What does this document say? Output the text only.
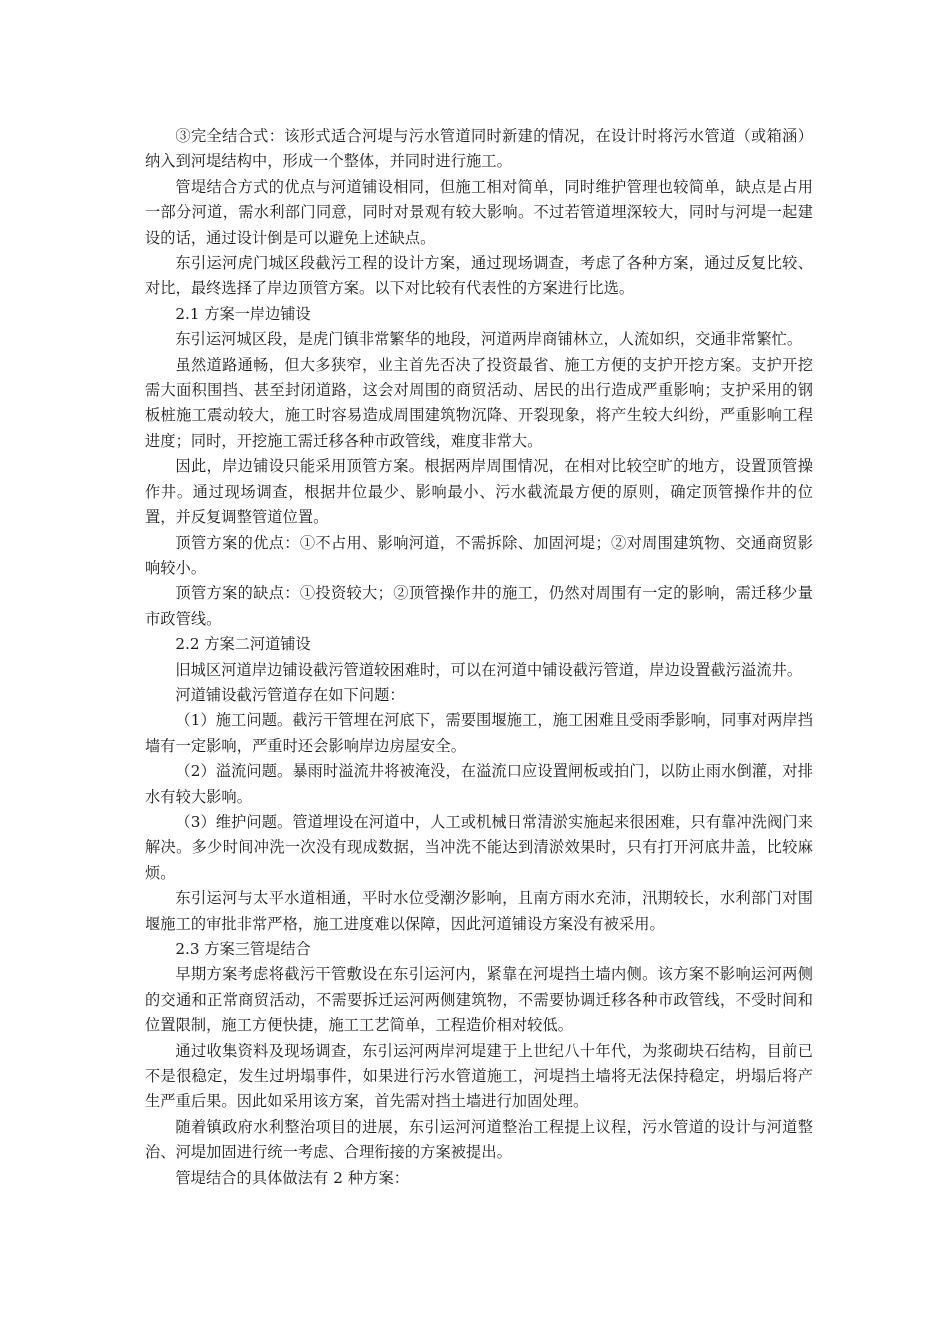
③完全结合式：该形式适合河堤与污水管道同时新建的情况，在设计时将污水管道（或箱涵）纳入到河堤结构中，形成一个整体，并同时进行施工。

管堤结合方式的优点与河道铺设相同，但施工相对简单，同时维护管理也较简单，缺点是占用一部分河道，需水利部门同意，同时对景观有较大影响。不过若管道埋深较大，同时与河堤一起建设的话，通过设计倒是可以避免上述缺点。

东引运河虎门城区段截污工程的设计方案，通过现场调查，考虑了各种方案，通过反复比较、对比，最终选择了岸边顶管方案。以下对比较有代表性的方案进行比选。

2.1 方案一岸边铺设

东引运河城区段，是虎门镇非常繁华的地段，河道两岸商铺林立，人流如织，交通非常繁忙。

虽然道路通畅，但大多狭窄，业主首先否决了投资最省、施工方便的支护开挖方案。支护开挖需大面积围挡、甚至封闭道路，这会对周围的商贸活动、居民的出行造成严重影响；支护采用的钢板桩施工震动较大，施工时容易造成周围建筑物沉降、开裂现象，将产生较大纠纷，严重影响工程进度；同时，开挖施工需迁移各种市政管线，难度非常大。

因此，岸边铺设只能采用顶管方案。根据两岸周围情况，在相对比较空旷的地方，设置顶管操作井。通过现场调查，根据井位最少、影响最小、污水截流最方便的原则，确定顶管操作井的位置，并反复调整管道位置。

顶管方案的优点：①不占用、影响河道，不需拆除、加固河堤；②对周围建筑物、交通商贸影响较小。

顶管方案的缺点：①投资较大；②顶管操作井的施工，仍然对周围有一定的影响，需迁移少量市政管线。

2.2 方案二河道铺设

旧城区河道岸边铺设截污管道较困难时，可以在河道中铺设截污管道，岸边设置截污溢流井。

河道铺设截污管道存在如下问题：

（1）施工问题。截污干管埋在河底下，需要围堰施工，施工困难且受雨季影响，同事对两岸挡墙有一定影响，严重时还会影响岸边房屋安全。

（2）溢流问题。暴雨时溢流井将被淹没，在溢流口应设置闸板或拍门，以防止雨水倒灌，对排水有较大影响。

（3）维护问题。管道埋设在河道中，人工或机械日常清淤实施起来很困难，只有靠冲洗阀门来解决。多少时间冲洗一次没有现成数据，当冲洗不能达到清淤效果时，只有打开河底井盖，比较麻烦。

东引运河与太平水道相通，平时水位受潮汐影响，且南方雨水充沛，汛期较长，水利部门对围堰施工的审批非常严格，施工进度难以保障，因此河道铺设方案没有被采用。

2.3 方案三管堤结合

早期方案考虑将截污干管敷设在东引运河内，紧靠在河堤挡土墙内侧。该方案不影响运河两侧的交通和正常商贸活动，不需要拆迁运河两侧建筑物，不需要协调迁移各种市政管线，不受时间和位置限制，施工方便快捷，施工工艺简单，工程造价相对较低。

通过收集资料及现场调查，东引运河两岸河堤建于上世纪八十年代，为浆砌块石结构，目前已不是很稳定，发生过坍塌事件，如果进行污水管道施工，河堤挡土墙将无法保持稳定，坍塌后将产生严重后果。因此如采用该方案，首先需对挡土墙进行加固处理。

随着镇政府水利整治项目的进展，东引运河河道整治工程提上议程，污水管道的设计与河道整治、河堤加固进行统一考虑、合理衔接的方案被提出。

管堤结合的具体做法有 2 种方案：
